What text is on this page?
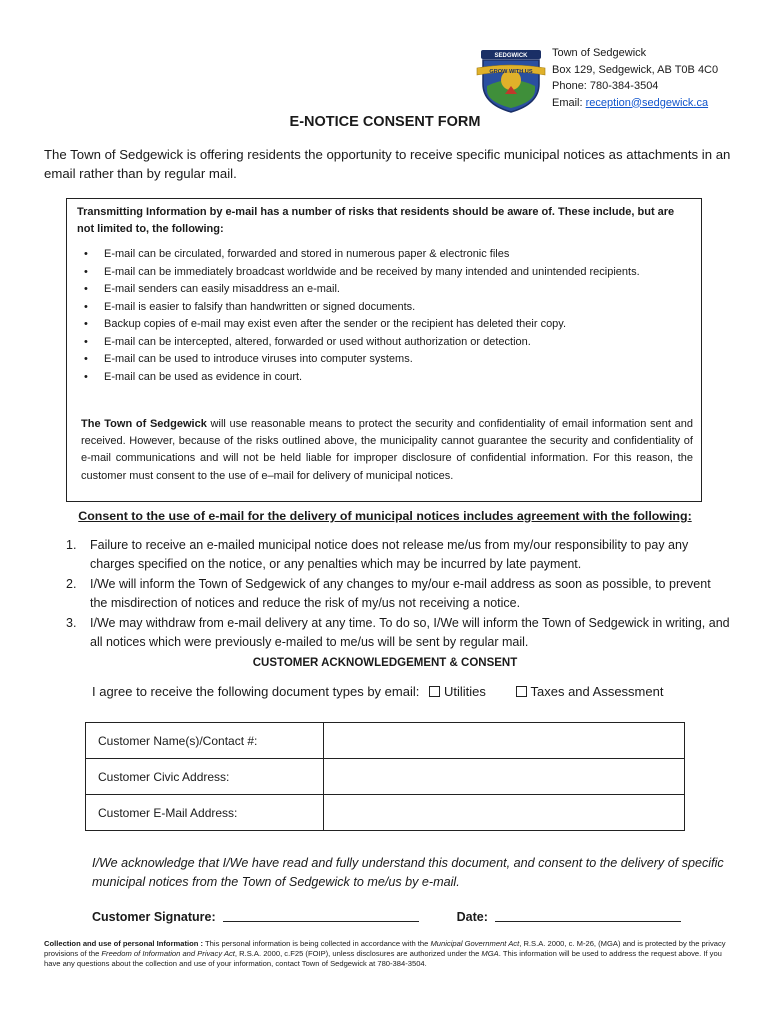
SEDGWICK
GROW WITH US
Town of Sedgewick
Box 129, Sedgewick, AB T0B 4C0
Phone: 780-384-3504
Email: reception@sedgewick.ca
E-NOTICE CONSENT FORM
The Town of Sedgewick is offering residents the opportunity to receive specific municipal notices as attachments in an email rather than by regular mail.
Transmitting Information by e-mail has a number of risks that residents should be aware of. These include, but are not limited to, the following:
• E-mail can be circulated, forwarded and stored in numerous paper & electronic files
• E-mail can be immediately broadcast worldwide and be received by many intended and unintended recipients.
• E-mail senders can easily misaddress an e-mail.
• E-mail is easier to falsify than handwritten or signed documents.
• Backup copies of e-mail may exist even after the sender or the recipient has deleted their copy.
• E-mail can be intercepted, altered, forwarded or used without authorization or detection.
• E-mail can be used to introduce viruses into computer systems.
• E-mail can be used as evidence in court.
The Town of Sedgewick will use reasonable means to protect the security and confidentiality of email information sent and received. However, because of the risks outlined above, the municipality cannot guarantee the security and confidentiality of e-mail communications and will not be held liable for improper disclosure of confidential information. For this reason, the customer must consent to the use of e–mail for delivery of municipal notices.
Consent to the use of e-mail for the delivery of municipal notices includes agreement with the following:
1. Failure to receive an e-mailed municipal notice does not release me/us from my/our responsibility to pay any charges specified on the notice, or any penalties which may be incurred by late payment.
2. I/We will inform the Town of Sedgewick of any changes to my/our e-mail address as soon as possible, to prevent the misdirection of notices and reduce the risk of my/us not receiving a notice.
3. I/We may withdraw from e-mail delivery at any time. To do so, I/We will inform the Town of Sedgewick in writing, and all notices which were previously e-mailed to me/us will be sent by regular mail.
CUSTOMER ACKNOWLEDGEMENT & CONSENT
I agree to receive the following document types by email: Utilities	Taxes and Assessment
Customer Name(s)/Contact #:	
Customer Civic Address:	
Customer E-Mail Address:	
I/We acknowledge that I/We have read and fully understand this document, and consent to the delivery of specific municipal notices from the Town of Sedgewick to me/us by e-mail.
Customer Signature:	Date:
Collection and use of personal Information : This personal information is being collected in accordance with the Municipal Government Act, R.S.A. 2000, c. M-26, (MGA) and is protected by the privacy provisions of the Freedom of Information and Privacy Act, R.S.A. 2000, c.F25 (FOIP), unless disclosures are authorized under the MGA. This information will be used to address the request above. If you have any questions about the collection and use of your information, contact Town of Sedgewick at 780-384-3504.
